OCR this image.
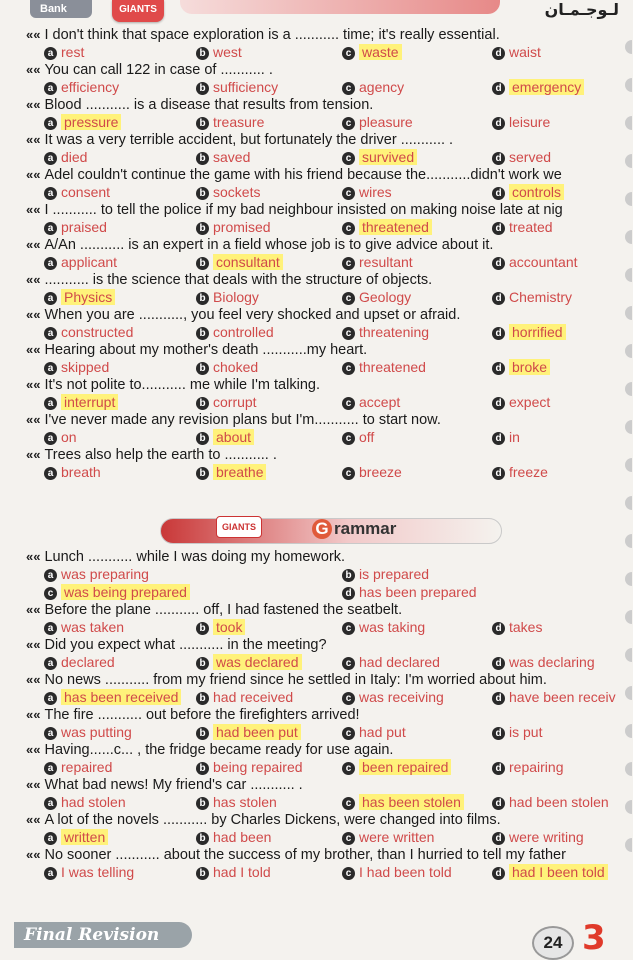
Bank	GIANTS	لـوجـمـان
«« I don't think that space exploration is a ........... time; it's really essential.
a rest	b west	c waste	d waist
«« You can call 122 in case of ........... .
a efficiency	b sufficiency	c agency	d emergency
«« Blood ........... is a disease that results from tension.
a pressure	b treasure	c pleasure	d leisure
«« It was a very terrible accident, but fortunately the driver ........... .
a died	b saved	c survived	d served
«« Adel couldn't continue the game with his friend because the...........didn't work we
a consent	b sockets	c wires	d controls
«« I ........... to tell the police if my bad neighbour insisted on making noise late at nig
a praised	b promised	c threatened	d treated
«« A/An ........... is an expert in a field whose job is to give advice about it.
a applicant	b consultant	c resultant	d accountant
«« ........... is the science that deals with the structure of objects.
a Physics	b Biology	c Geology	d Chemistry
«« When you are ..........., you feel very shocked and upset or afraid.
a constructed	b controlled	c threatening	d horrified
«« Hearing about my mother's death ...........my heart.
a skipped	b choked	c threatened	d broke
«« It's not polite to........... me while I'm talking.
a interrupt	b corrupt	c accept	d expect
«« I've never made any revision plans but I'm........... to start now.
a on	b about	c off	d in
«« Trees also help the earth to ........... .
a breath	b breathe	c breeze	d freeze
GIANTS	G rammar
«« Lunch ........... while I was doing my homework.
a was preparing	b is prepared
c was being prepared	d has been prepared
«« Before the plane ........... off, I had fastened the seatbelt.
a was taken	b took	c was taking	d takes
«« Did you expect what ........... in the meeting?
a declared	b was declared	c had declared	d was declaring
«« No news ........... from my friend since he settled in Italy: I'm worried about him.
a has been received	b had received	c was receiving	d have been receiv
«« The fire ........... out before the firefighters arrived!
a was putting	b had been put	c had put	d is put
«« Having......c... , the fridge became ready for use again.
a repaired	b being repaired	c been repaired	d repairing
«« What bad news! My friend's car ........... .
a had stolen	b has stolen	c has been stolen	d had been stolen
«« A lot of the novels ........... by Charles Dickens, were changed into films.
a written	b had been	c were written	d were writing
«« No sooner ........... about the success of my brother, than I hurried to tell my father
a I was telling	b had I told	c I had been told	d had I been told
Final Revision	24 3
